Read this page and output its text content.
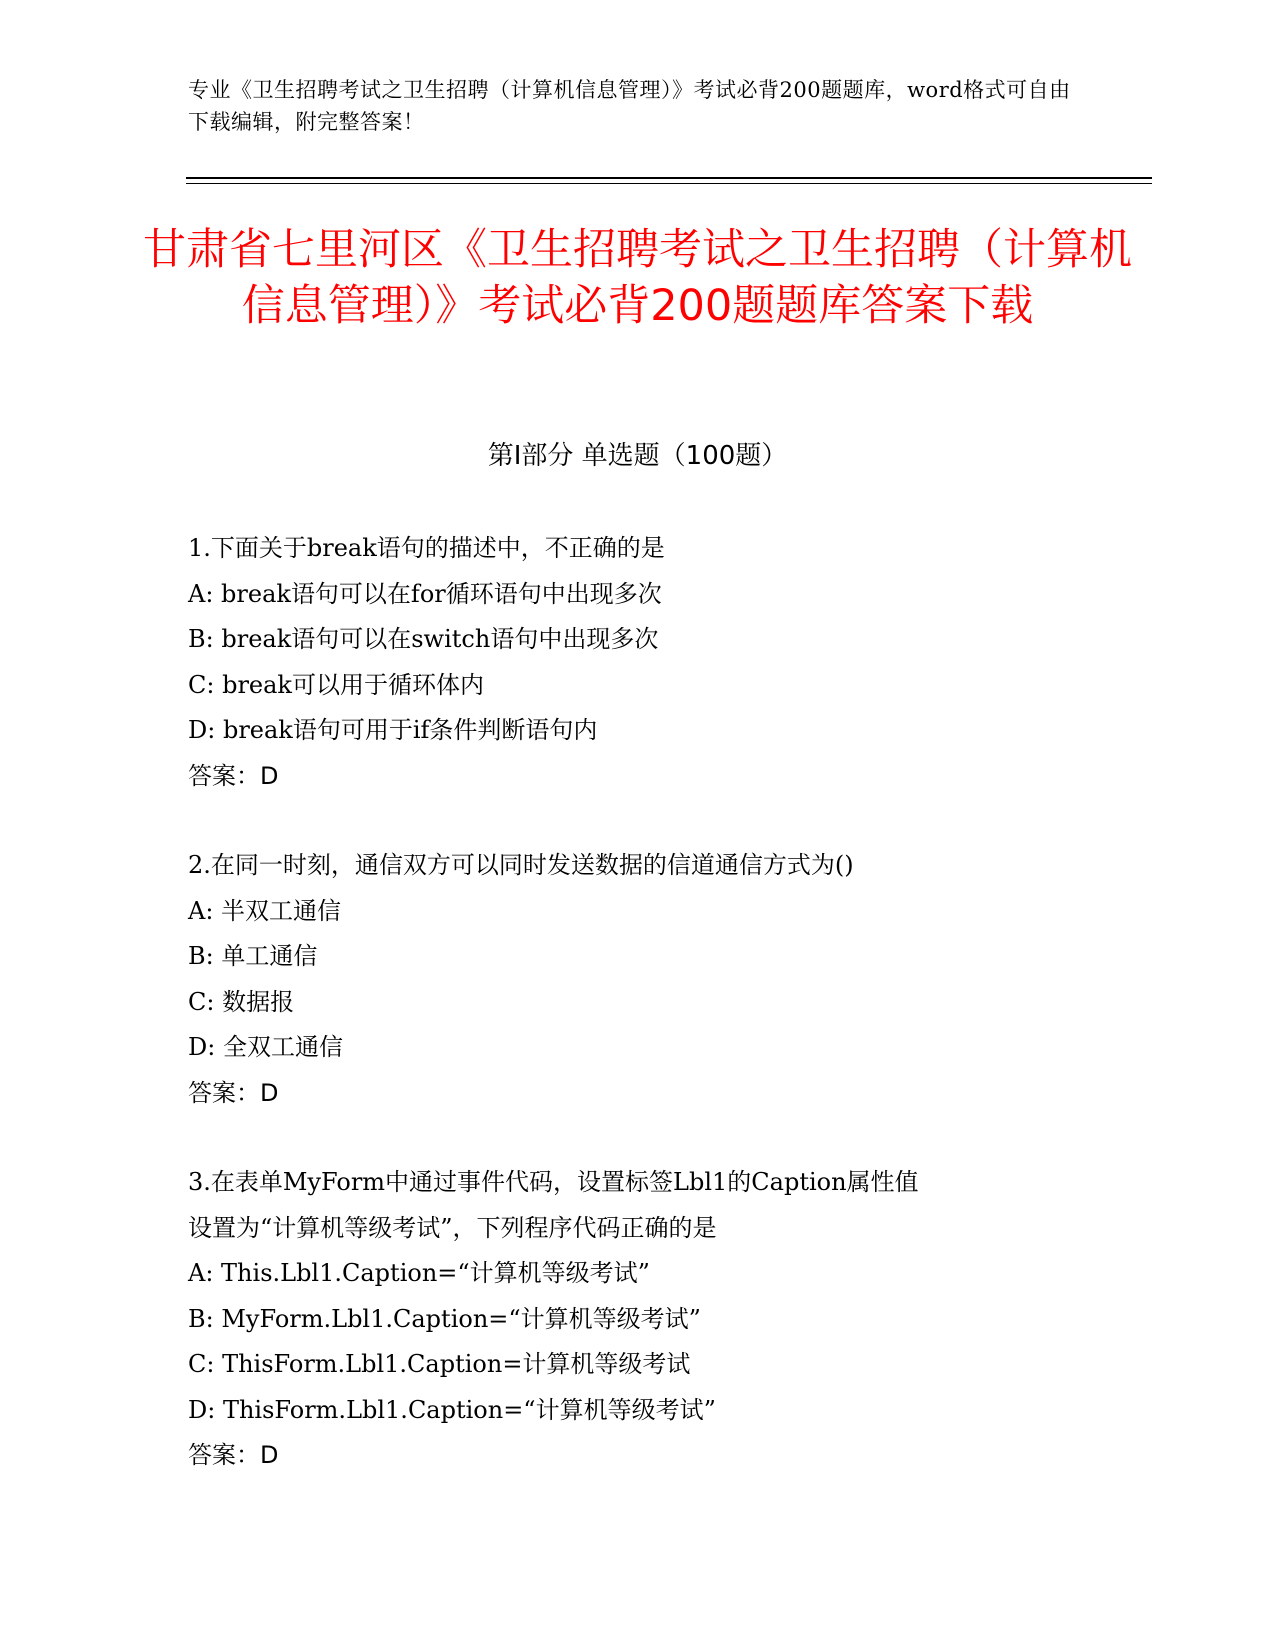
专业《卫生招聘考试之卫生招聘（计算机信息管理）》考试必背200题题库，word格式可自由下载编辑，附完整答案！
甘肃省七里河区《卫生招聘考试之卫生招聘（计算机信息管理）》考试必背200题题库答案下载
第I部分 单选题（100题）
1.下面关于break语句的描述中，不正确的是
A: break语句可以在for循环语句中出现多次
B: break语句可以在switch语句中出现多次
C: break可以用于循环体内
D: break语句可用于if条件判断语句内
答案：D
2.在同一时刻，通信双方可以同时发送数据的信道通信方式为()
A: 半双工通信
B: 单工通信
C: 数据报
D: 全双工通信
答案：D
3.在表单MyForm中通过事件代码，设置标签Lbl1的Caption属性值
设置为“计算机等级考试”，下列程序代码正确的是
A: This.Lbl1.Caption=“计算机等级考试”
B: MyForm.Lbl1.Caption=“计算机等级考试”
C: ThisForm.Lbl1.Caption=计算机等级考试
D: ThisForm.Lbl1.Caption=“计算机等级考试”
答案：D
